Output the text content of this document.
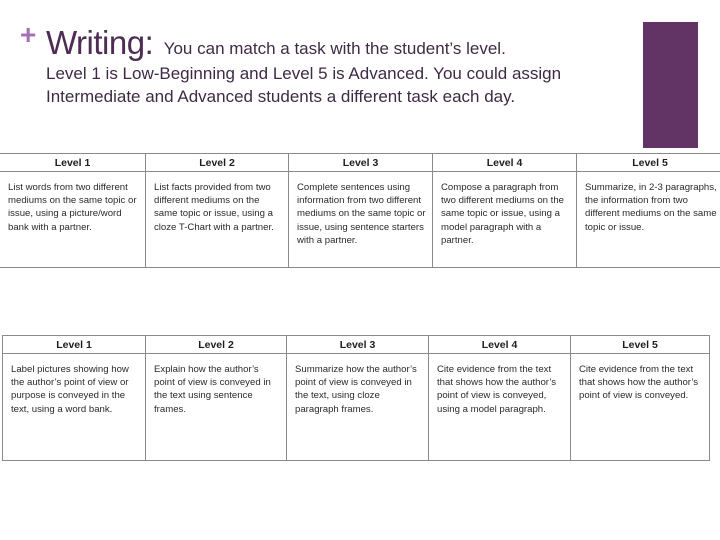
+ Writing: You can match a task with the student’s level.
Level 1 is Low-Beginning and Level 5 is Advanced. You could assign Intermediate and Advanced students a different task each day.
Level 1	Level 2	Level 3	Level 4	Level 5
List words from two different mediums on the same topic or issue, using a picture/word bank with a partner.	List facts provided from two different mediums on the same topic or issue, using a cloze T-Chart with a partner.	Complete sentences using information from two different mediums on the same topic or issue, using sentence starters with a partner.	Compose a paragraph from two different mediums on the same topic or issue, using a model paragraph with a partner.	Summarize, in 2-3 paragraphs, the information from two different mediums on the same topic or issue.
Level 1	Level 2	Level 3	Level 4	Level 5
Label pictures showing how the author’s point of view or purpose is conveyed in the text, using a word bank.	Explain how the author’s point of view is conveyed in the text using sentence frames.	Summarize how the author’s point of view is conveyed in the text, using cloze paragraph frames.	Cite evidence from the text that shows how the author’s point of view is conveyed, using a model paragraph.	Cite evidence from the text that shows how the author’s point of view is conveyed.
